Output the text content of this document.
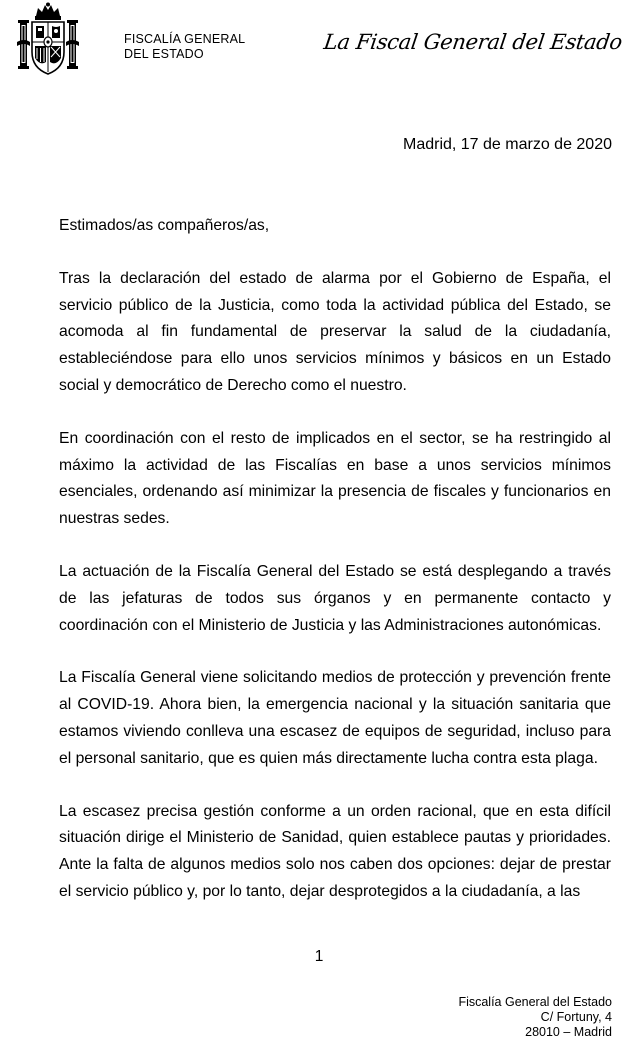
FISCALÍA GENERAL
DEL ESTADO	La Fiscal General del Estado
Madrid, 17 de marzo de 2020

Estimados/as compañeros/as,

Tras la declaración del estado de alarma por el Gobierno de España, el servicio público de la Justicia, como toda la actividad pública del Estado, se acomoda al fin fundamental de preservar la salud de la ciudadanía, estableciéndose para ello unos servicios mínimos y básicos en un Estado social y democrático de Derecho como el nuestro.

En coordinación con el resto de implicados en el sector, se ha restringido al máximo la actividad de las Fiscalías en base a unos servicios mínimos esenciales, ordenando así minimizar la presencia de fiscales y funcionarios en nuestras sedes.

La actuación de la Fiscalía General del Estado se está desplegando a través de las jefaturas de todos sus órganos y en permanente contacto y coordinación con el Ministerio de Justicia y las Administraciones autonómicas.

La Fiscalía General viene solicitando medios de protección y prevención frente al COVID-19. Ahora bien, la emergencia nacional y la situación sanitaria que estamos viviendo conlleva una escasez de equipos de seguridad, incluso para el personal sanitario, que es quien más directamente lucha contra esta plaga.

La escasez precisa gestión conforme a un orden racional, que en esta difícil situación dirige el Ministerio de Sanidad, quien establece pautas y prioridades. Ante la falta de algunos medios solo nos caben dos opciones: dejar de prestar el servicio público y, por lo tanto, dejar desprotegidos a la ciudadanía, a las

1
Fiscalía General del Estado
C/ Fortuny, 4
28010 – Madrid
